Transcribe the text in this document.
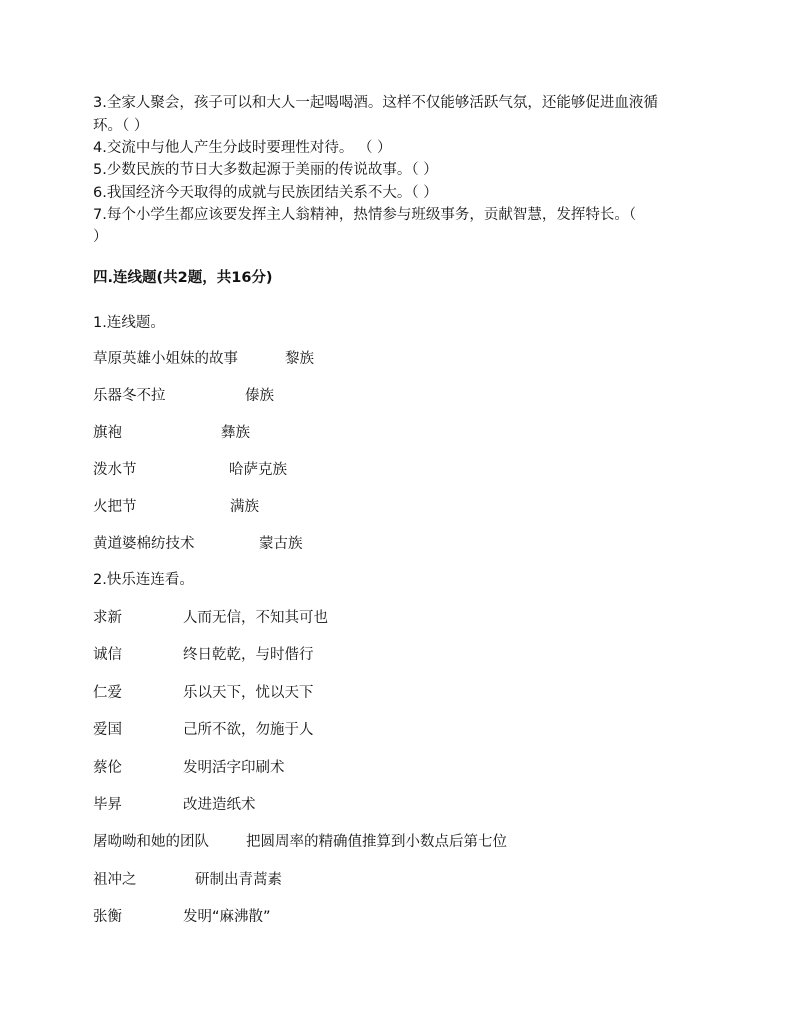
3.全家人聚会，孩子可以和大人一起喝喝酒。这样不仅能够活跃气氛，还能够促进血液循
环。（ ）
4.交流中与他人产生分歧时要理性对待。 （ ）
5.少数民族的节日大多数起源于美丽的传说故事。（ ）
6.我国经济今天取得的成就与民族团结关系不大。（ ）
7.每个小学生都应该要发挥主人翁精神，热情参与班级事务，贡献智慧，发挥特长。（
）
四.连线题(共2题，共16分)
1.连线题。
草原英雄小姐妹的故事	黎族
乐器冬不拉	傣族
旗袍	彝族
泼水节	哈萨克族
火把节	满族
黄道婆棉纺技术	蒙古族
2.快乐连连看。
求新	人而无信，不知其可也
诚信	终日乾乾，与时偕行
仁爱	乐以天下，忧以天下
爱国	己所不欲，勿施于人
蔡伦	发明活字印刷术
毕昇	改进造纸术
屠呦呦和她的团队	把圆周率的精确值推算到小数点后第七位
祖冲之	研制出青蒿素
张衡	发明“麻沸散”
